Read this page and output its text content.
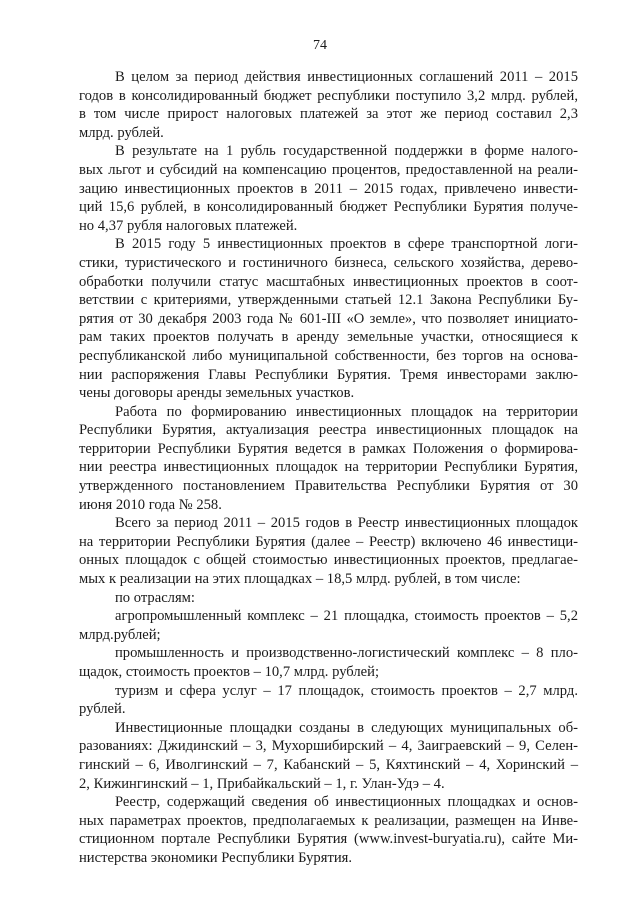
74
В целом за период действия инвестиционных соглашений 2011 – 2015
годов в консолидированный бюджет республики поступило 3,2 млрд. рублей,
в том числе прирост налоговых платежей за этот же период составил 2,3
млрд. рублей.
В результате на 1 рубль государственной поддержки в форме налого-
вых льгот и субсидий на компенсацию процентов, предоставленной на реали-
зацию инвестиционных проектов в 2011 – 2015 годах, привлечено инвести-
ций 15,6 рублей, в консолидированный бюджет Республики Бурятия получе-
но 4,37 рубля налоговых платежей.
В 2015 году 5 инвестиционных проектов в сфере транспортной логи-
стики, туристического и гостиничного бизнеса, сельского хозяйства, дерево-
обработки получили статус масштабных инвестиционных проектов в соот-
ветствии с критериями, утвержденными статьей 12.1 Закона Республики Бу-
рятия от 30 декабря 2003 года № 601-III «О земле», что позволяет инициато-
рам таких проектов получать в аренду земельные участки, относящиеся к
республиканской либо муниципальной собственности, без торгов на основа-
нии распоряжения Главы Республики Бурятия. Тремя инвесторами заклю-
чены договоры аренды земельных участков.
Работа по формированию инвестиционных площадок на территории
Республики Бурятия, актуализация реестра инвестиционных площадок на
территории Республики Бурятия ведется в рамках Положения о формирова-
нии реестра инвестиционных площадок на территории Республики Бурятия,
утвержденного постановлением Правительства Республики Бурятия от 30
июня 2010 года № 258.
Всего за период 2011 – 2015 годов в Реестр инвестиционных площадок
на территории Республики Бурятия (далее – Реестр) включено 46 инвестици-
онных площадок с общей стоимостью инвестиционных проектов, предлагае-
мых к реализации на этих площадках – 18,5 млрд. рублей, в том числе:
по отраслям:
агропромышленный комплекс – 21 площадка, стоимость проектов – 5,2
млрд.рублей;
промышленность и производственно-логистический комплекс – 8 пло-
щадок, стоимость проектов – 10,7 млрд. рублей;
туризм и сфера услуг – 17 площадок, стоимость проектов – 2,7 млрд.
рублей.
Инвестиционные площадки созданы в следующих муниципальных об-
разованиях: Джидинский – 3, Мухоршибирский – 4, Заиграевский – 9, Селен-
гинский – 6, Иволгинский – 7, Кабанский – 5, Кяхтинский – 4, Хоринский –
2, Кижингинский – 1, Прибайкальский – 1, г. Улан-Удэ – 4.
Реестр, содержащий сведения об инвестиционных площадках и основ-
ных параметрах проектов, предполагаемых к реализации, размещен на Инве-
стиционном портале Республики Бурятия (www.invest-buryatia.ru), сайте Ми-
нистерства экономики Республики Бурятия.
